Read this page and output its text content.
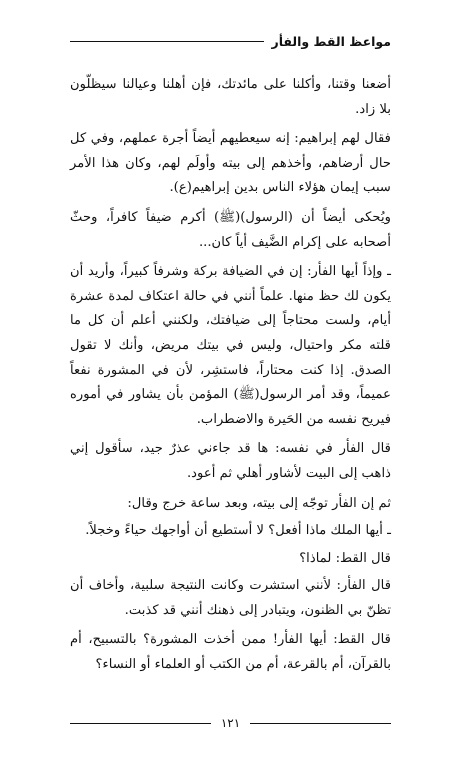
مواعظ القط والفأر

أضعنا وقتنا، وأكلنا على مائدتك، فإن أهلنا وعيالنا سيظلّون بلا زاد.

فقال لهم إبراهيم: إنه سيعطيهم أيضاً أجرة عملهم، وفي كل حال أرضاهم، وأخذهم إلى بيته وأولَم لهم، وكان هذا الأمر سبب إيمان هؤلاء الناس بدين إبراهيم(ع).

ويُحكى أيضاً أن (الرسول)(ﷺ) أكرم ضيفاً كافراً، وحثّ أصحابه على إكرام الضَّيف أياً كان...

ـ وإذاً أيها الفأر: إن في الضيافة بركة وشرفاً كبيراً، وأريد أن يكون لك حظ منها. علماً أنني في حالة اعتكاف لمدة عشرة أيام، ولست محتاجاً إلى ضيافتك، ولكنني أعلم أن كل ما قلته مكر واحتيال، وليس في بيتك مريض، وأنك لا تقول الصدق. إذا كنت محتاراً، فاستشِر، لأن في المشورة نفعاً عميماً، وقد أمر الرسول(ﷺ) المؤمن بأن يشاور في أموره فيريح نفسه من الحَيرة والاضطراب.

قال الفأر في نفسه: ها قد جاءني عذرٌ جيد، سأقول إني ذاهب إلى البيت لأشاور أهلي ثم أعود.

ثم إن الفأر توجّه إلى بيته، وبعد ساعة خرج وقال:

ـ أيها الملك ماذا أفعل؟ لا أستطيع أن أواجهك حياءً وخجلاً.

قال القط: لماذا؟

قال الفأر: لأنني استشرت وكانت النتيجة سلبية، وأخاف أن تظنّ بي الظنون، ويتبادر إلى ذهنك أنني قد كذبت.

قال القط: أيها الفأر! ممن أخذت المشورة؟ بالتسبيح، أم بالقرآن، أم بالقرعة، أم من الكتب أو العلماء أو النساء؟

١٢١
